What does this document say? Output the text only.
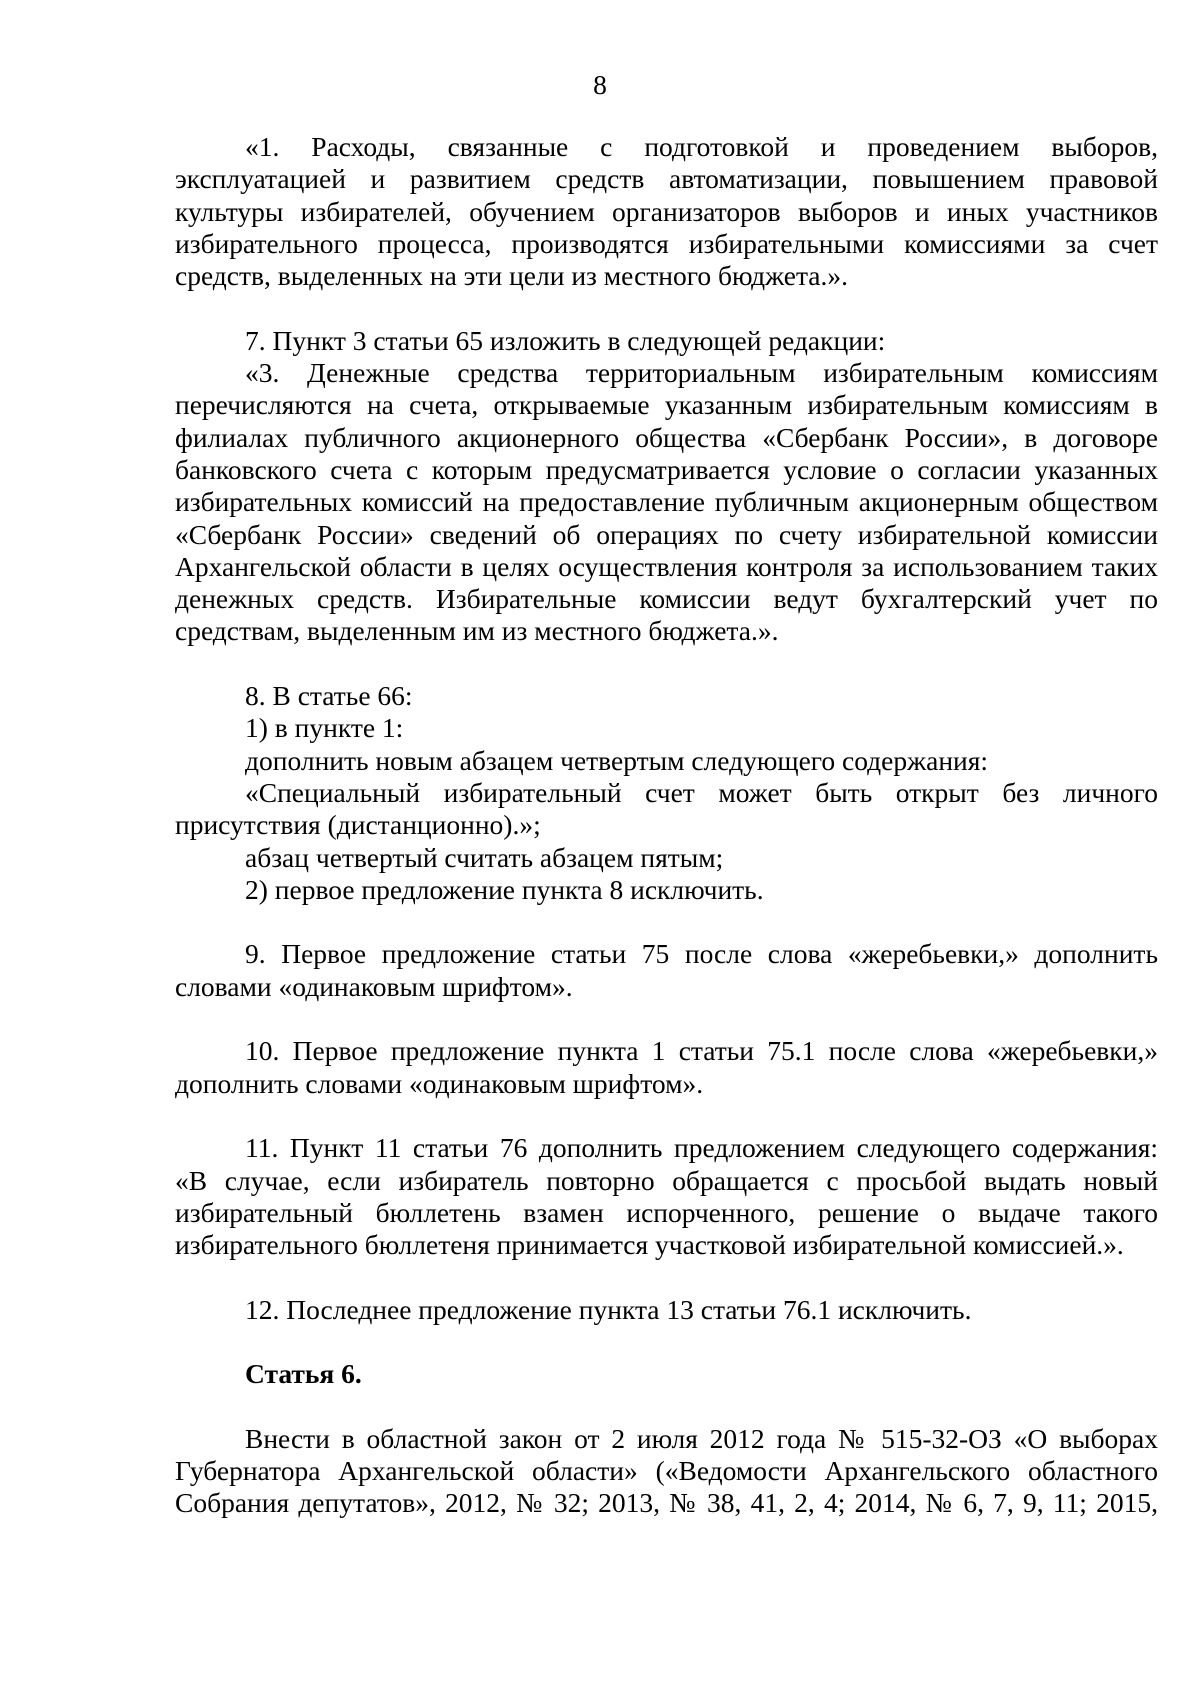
8

«1. Расходы, связанные с подготовкой и проведением выборов, эксплуатацией и развитием средств автоматизации, повышением правовой культуры избирателей, обучением организаторов выборов и иных участников избирательного процесса, производятся избирательными комиссиями за счет средств, выделенных на эти цели из местного бюджета.».

7. Пункт 3 статьи 65 изложить в следующей редакции:

«3. Денежные средства территориальным избирательным комиссиям перечисляются на счета, открываемые указанным избирательным комиссиям в филиалах публичного акционерного общества «Сбербанк России», в договоре банковского счета с которым предусматривается условие о согласии указанных избирательных комиссий на предоставление публичным акционерным обществом «Сбербанк России» сведений об операциях по счету избирательной комиссии Архангельской области в целях осуществления контроля за использованием таких денежных средств. Избирательные комиссии ведут бухгалтерский учет по средствам, выделенным им из местного бюджета.».

8. В статье 66:

1) в пункте 1:

дополнить новым абзацем четвертым следующего содержания:

«Специальный избирательный счет может быть открыт без личного присутствия (дистанционно).»;

абзац четвертый считать абзацем пятым;

2) первое предложение пункта 8 исключить.

9. Первое предложение статьи 75 после слова «жеребьевки,» дополнить словами «одинаковым шрифтом».

10. Первое предложение пункта 1 статьи 75.1 после слова «жеребьевки,» дополнить словами «одинаковым шрифтом».

11. Пункт 11 статьи 76 дополнить предложением следующего содержания: «В случае, если избиратель повторно обращается с просьбой выдать новый избирательный бюллетень взамен испорченного, решение о выдаче такого избирательного бюллетеня принимается участковой избирательной комиссией.».

12. Последнее предложение пункта 13 статьи 76.1 исключить.

Статья 6.

Внести в областной закон от 2 июля 2012 года № 515-32-ОЗ «О выборах Губернатора Архангельской области» («Ведомости Архангельского областного Собрания депутатов», 2012, № 32; 2013, № 38, 41, 2, 4; 2014, № 6, 7, 9, 11; 2015,
